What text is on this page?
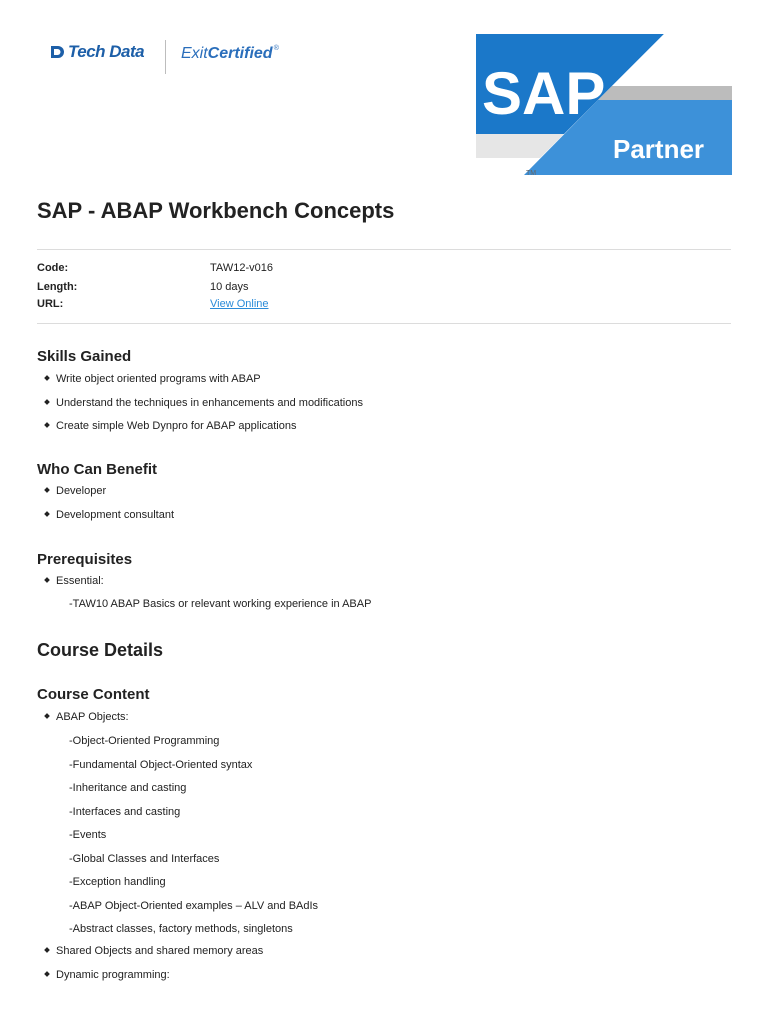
Tech Data ExitCertified®
SAP
Partner
TM
SAP - ABAP Workbench Concepts
Code:	TAW12-v016
Length:	10 days
URL:	View Online
Skills Gained
Write object oriented programs with ABAP
Understand the techniques in enhancements and modifications
Create simple Web Dynpro for ABAP applications
Who Can Benefit
Developer
Development consultant
Prerequisites
Essential:
-TAW10 ABAP Basics or relevant working experience in ABAP
Course Details
Course Content
ABAP Objects:
-Object-Oriented Programming
-Fundamental Object-Oriented syntax
-Inheritance and casting
-Interfaces and casting
-Events
-Global Classes and Interfaces
-Exception handling
-ABAP Object-Oriented examples – ALV and BAdIs
-Abstract classes, factory methods, singletons
Shared Objects and shared memory areas
Dynamic programming:
